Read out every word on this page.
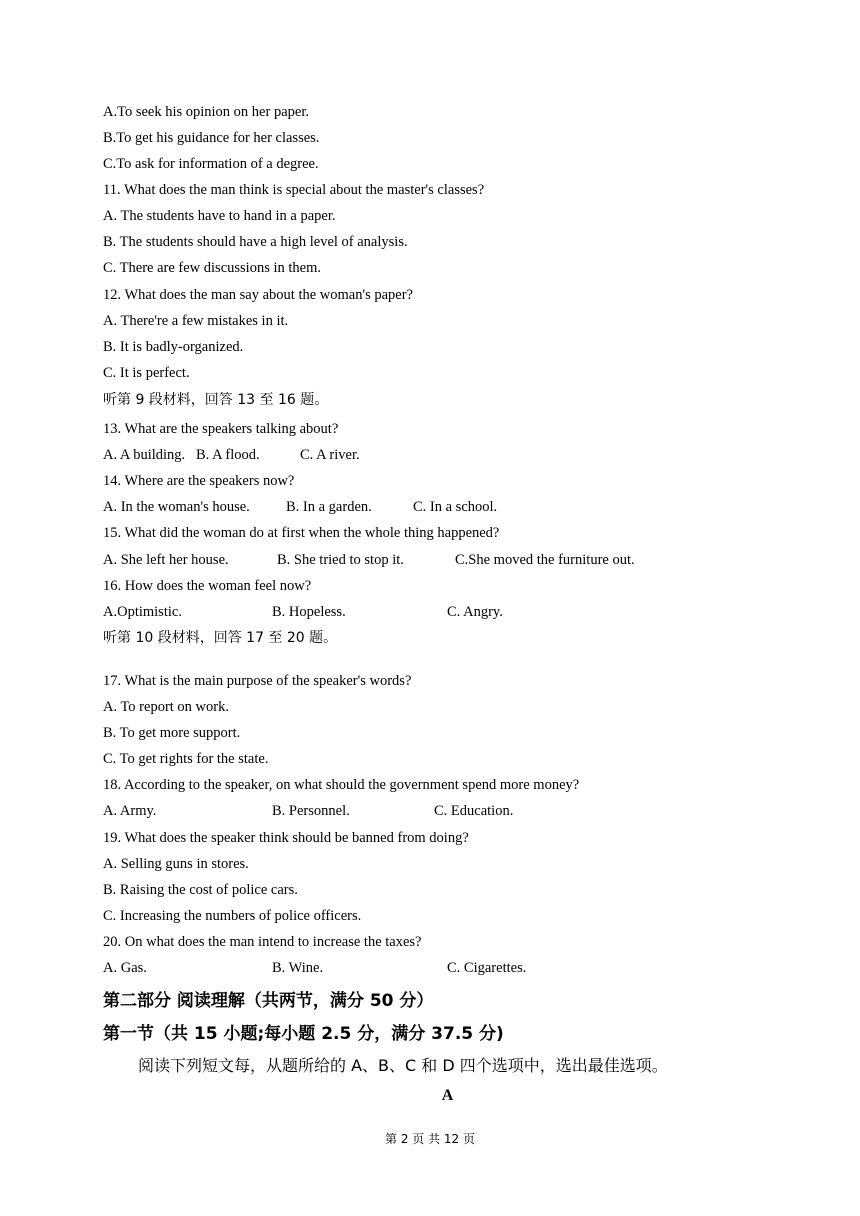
A.To seek his opinion on her paper.
B.To get his guidance for her classes.
C.To ask for information of a degree.
11. What does the man think is special about the master's classes?
A. The students have to hand in a paper.
B. The students should have a high level of analysis.
C. There are few discussions in them.
12. What does the man say about the woman's paper?
A. There're a few mistakes in it.
B. It is badly-organized.
C. It is perfect.
听第 9 段材料，回答 13 至 16 题。
13. What are the speakers talking about?
A. A building. B. A flood.	C. A river.
14. Where are the speakers now?
A. In the woman's house. B. In a garden.	C. In a school.
15. What did the woman do at first when the whole thing happened?
A. She left her house.	B. She tried to stop it.	C.She moved the furniture out.
16. How does the woman feel now?
A.Optimistic.	B. Hopeless.	C. Angry.
听第 10 段材料，回答 17 至 20 题。
17. What is the main purpose of the speaker's words?
A. To report on work.
B. To get more support.
C. To get rights for the state.
18. According to the speaker, on what should the government spend more money?
A. Army.	B. Personnel.	C. Education.
19. What does the speaker think should be banned from doing?
A. Selling guns in stores.
B. Raising the cost of police cars.
C. Increasing the numbers of police officers.
20. On what does the man intend to increase the taxes?
A. Gas.	B. Wine.	C. Cigarettes.
第二部分 阅读理解（共两节，满分 50 分）
第一节（共 15 小题;每小题 2.5 分，满分 37.5 分)
阅读下列短文每，从题所给的 A、B、C 和 D 四个选项中，选出最佳选项。
A
第 2 页 共 12 页
